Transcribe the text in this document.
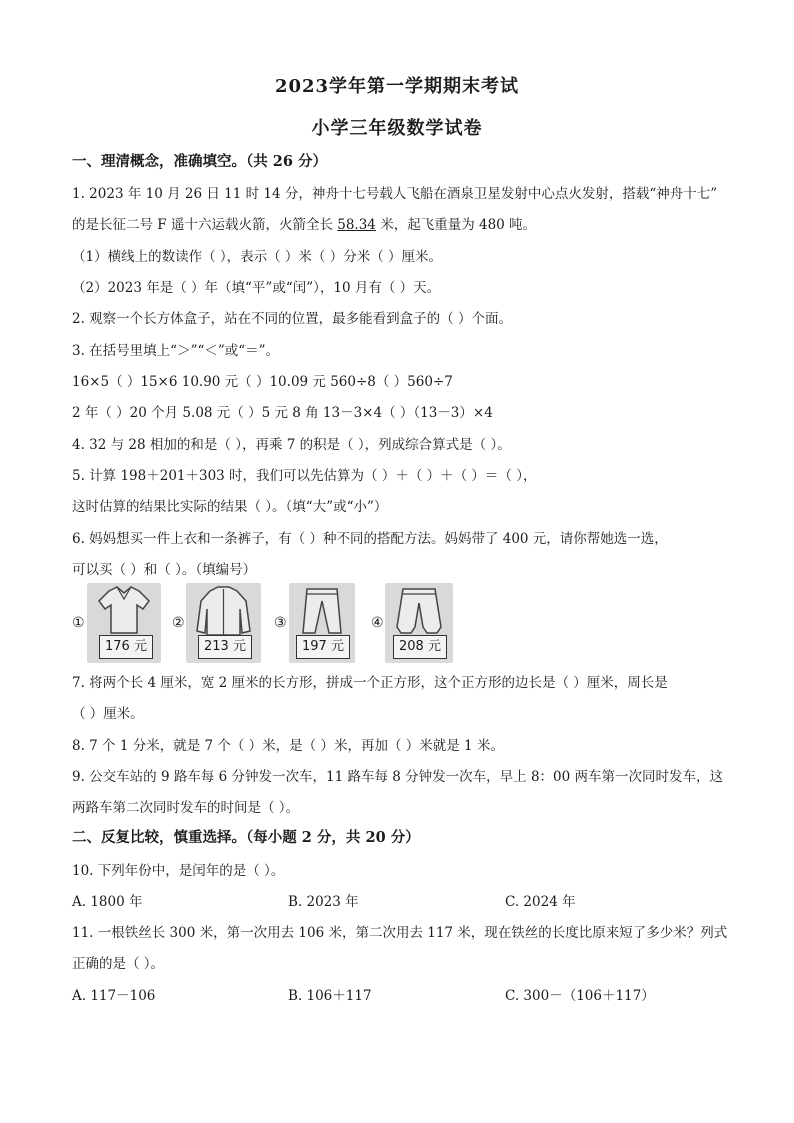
2023学年第一学期期末考试
小学三年级数学试卷
一、理清概念，准确填空。（共 26 分）
1. 2023 年 10 月 26 日 11 时 14 分，神舟十七号载人飞船在酒泉卫星发射中心点火发射，搭载“神舟十七”
的是长征二号 F 遥十六运载火箭，火箭全长 58.34 米，起飞重量为 480 吨。
（1）横线上的数读作（ ），表示（ ）米（ ）分米（ ）厘米。
（2）2023 年是（ ）年（填“平”或“闰”），10 月有（ ）天。
2. 观察一个长方体盒子，站在不同的位置，最多能看到盒子的（ ）个面。
3. 在括号里填上“＞”“＜”或“＝”。
16×5（ ）15×6 10.90 元（ ）10.09 元 560÷8（ ）560÷7
2 年（ ）20 个月 5.08 元（ ）5 元 8 角 13－3×4（ ）（13－3）×4
4. 32 与 28 相加的和是（ ），再乘 7 的积是（ ），列成综合算式是（ ）。
5. 计算 198＋201＋303 时，我们可以先估算为（ ）＋（ ）＋（ ）＝（ ），
这时估算的结果比实际的结果（ ）。（填“大”或“小”）
6. 妈妈想买一件上衣和一条裤子，有（ ）种不同的搭配方法。妈妈带了 400 元，请你帮她选一选，
可以买（ ）和（ ）。（填编号）
①
176 元
②
213 元
③
197 元
④
208 元
7. 将两个长 4 厘米，宽 2 厘米的长方形，拼成一个正方形，这个正方形的边长是（ ）厘米，周长是
（ ）厘米。
8. 7 个 1 分米，就是 7 个（ ）米，是（ ）米，再加（ ）米就是 1 米。
9. 公交车站的 9 路车每 6 分钟发一次车，11 路车每 8 分钟发一次车，早上 8：00 两车第一次同时发车，这
两路车第二次同时发车的时间是（ ）。
二、反复比较，慎重选择。（每小题 2 分，共 20 分）
10. 下列年份中，是闰年的是（ ）。
A. 1800 年	B. 2023 年	C. 2024 年
11. 一根铁丝长 300 米，第一次用去 106 米，第二次用去 117 米，现在铁丝的长度比原来短了多少米？列式
正确的是（ ）。
A. 117－106	B. 106＋117	C. 300－（106＋117）
